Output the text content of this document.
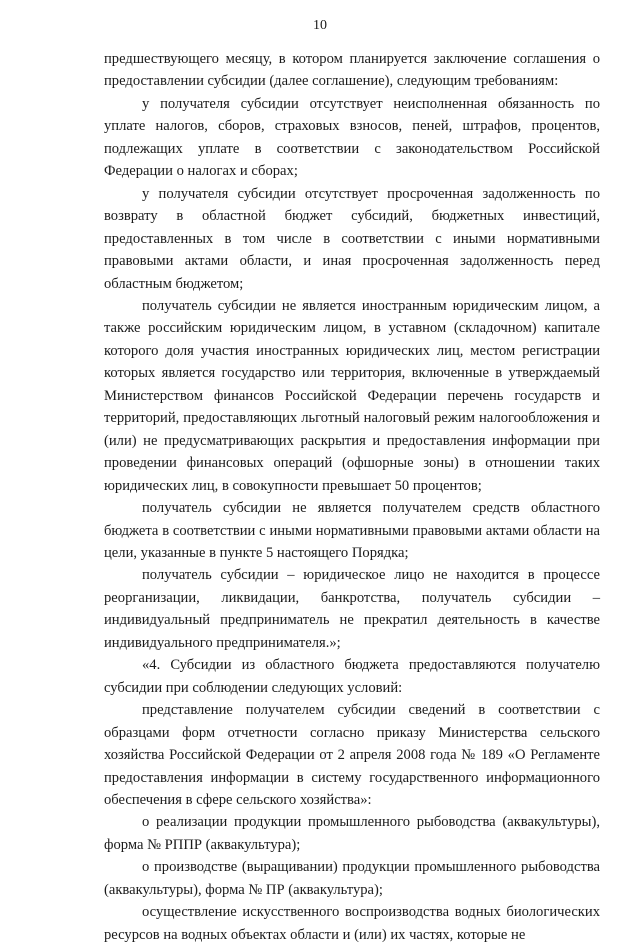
10

предшествующего месяцу, в котором планируется заключение соглашения о предоставлении субсидии (далее соглашение), следующим требованиям:

у получателя субсидии отсутствует неисполненная обязанность по уплате налогов, сборов, страховых взносов, пеней, штрафов, процентов, подлежащих уплате в соответствии с законодательством Российской Федерации о налогах и сборах;

у получателя субсидии отсутствует просроченная задолженность по возврату в областной бюджет субсидий, бюджетных инвестиций, предоставленных в том числе в соответствии с иными нормативными правовыми актами области, и иная просроченная задолженность перед областным бюджетом;

получатель субсидии не является иностранным юридическим лицом, а также российским юридическим лицом, в уставном (складочном) капитале которого доля участия иностранных юридических лиц, местом регистрации которых является государство или территория, включенные в утверждаемый Министерством финансов Российской Федерации перечень государств и территорий, предоставляющих льготный налоговый режим налогообложения и (или) не предусматривающих раскрытия и предоставления информации при проведении финансовых операций (офшорные зоны) в отношении таких юридических лиц, в совокупности превышает 50 процентов;

получатель субсидии не является получателем средств областного бюджета в соответствии с иными нормативными правовыми актами области на цели, указанные в пункте 5 настоящего Порядка;

получатель субсидии – юридическое лицо не находится в процессе реорганизации, ликвидации, банкротства, получатель субсидии – индивидуальный предприниматель не прекратил деятельность в качестве индивидуального предпринимателя.»;

«4. Субсидии из областного бюджета предоставляются получателю субсидии при соблюдении следующих условий:

представление получателем субсидии сведений в соответствии с образцами форм отчетности согласно приказу Министерства сельского хозяйства Российской Федерации от 2 апреля 2008 года № 189 «О Регламенте предоставления информации в систему государственного информационного обеспечения в сфере сельского хозяйства»:

о реализации продукции промышленного рыбоводства (аквакультуры), форма № РППР (аквакультура);

о производстве (выращивании) продукции промышленного рыбоводства (аквакультуры), форма № ПР (аквакультура);

осуществление искусственного воспроизводства водных биологических ресурсов на водных объектах области и (или) их частях, которые не
